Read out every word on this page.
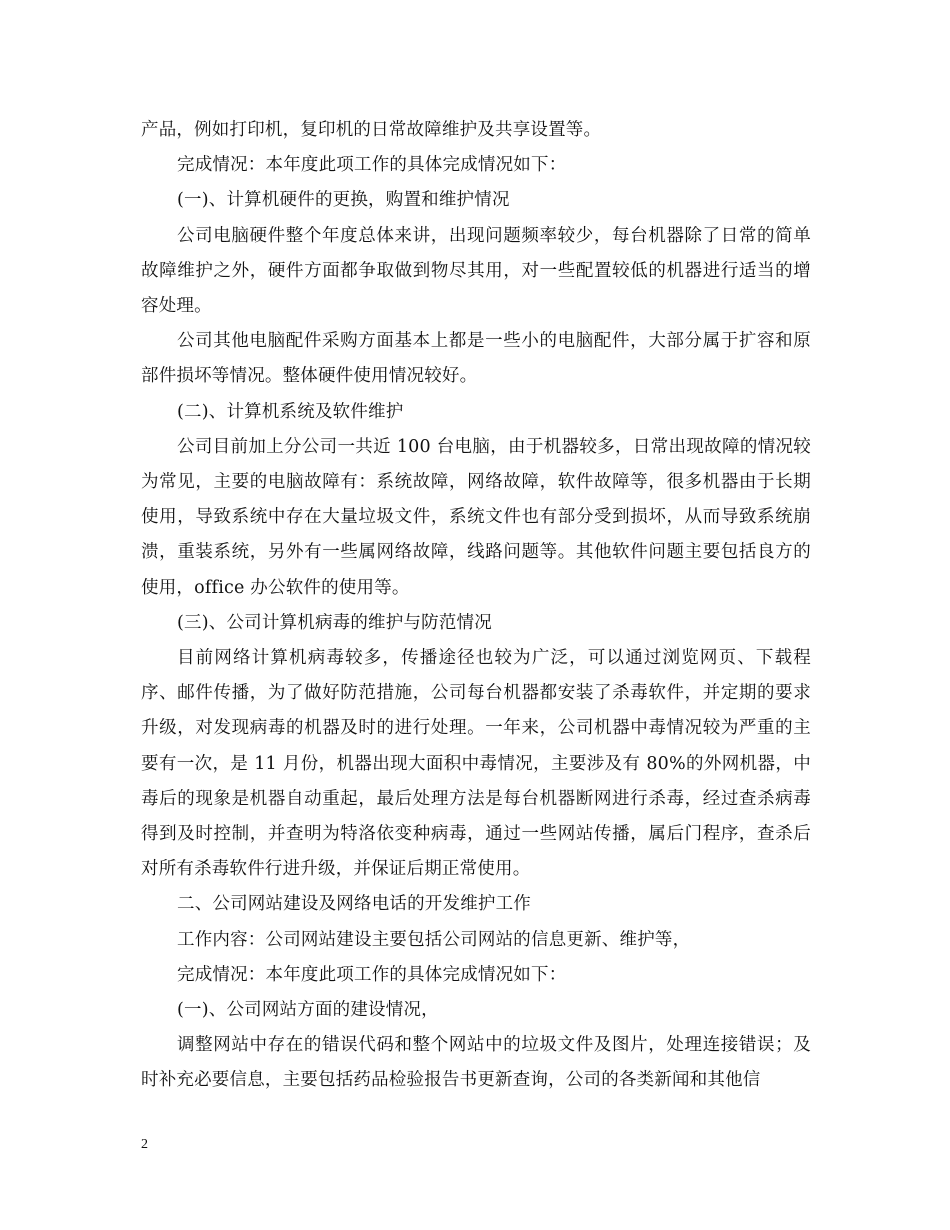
产品，例如打印机，复印机的日常故障维护及共享设置等。

完成情况：本年度此项工作的具体完成情况如下：

(一)、计算机硬件的更换，购置和维护情况

公司电脑硬件整个年度总体来讲，出现问题频率较少，每台机器除了日常的简单故障维护之外，硬件方面都争取做到物尽其用，对一些配置较低的机器进行适当的增容处理。

公司其他电脑配件采购方面基本上都是一些小的电脑配件，大部分属于扩容和原部件损坏等情况。整体硬件使用情况较好。

(二)、计算机系统及软件维护

公司目前加上分公司一共近 100 台电脑，由于机器较多，日常出现故障的情况较为常见，主要的电脑故障有：系统故障，网络故障，软件故障等，很多机器由于长期使用，导致系统中存在大量垃圾文件，系统文件也有部分受到损坏，从而导致系统崩溃，重装系统，另外有一些属网络故障，线路问题等。其他软件问题主要包括良方的使用，office 办公软件的使用等。

(三)、公司计算机病毒的维护与防范情况

目前网络计算机病毒较多，传播途径也较为广泛，可以通过浏览网页、下载程序、邮件传播，为了做好防范措施，公司每台机器都安装了杀毒软件，并定期的要求升级，对发现病毒的机器及时的进行处理。一年来，公司机器中毒情况较为严重的主要有一次，是 11 月份，机器出现大面积中毒情况，主要涉及有 80%的外网机器，中毒后的现象是机器自动重起，最后处理方法是每台机器断网进行杀毒，经过查杀病毒得到及时控制，并查明为特洛依变种病毒，通过一些网站传播，属后门程序，查杀后对所有杀毒软件行进升级，并保证后期正常使用。

二、公司网站建设及网络电话的开发维护工作

工作内容：公司网站建设主要包括公司网站的信息更新、维护等，

完成情况：本年度此项工作的具体完成情况如下：

(一)、公司网站方面的建设情况，

调整网站中存在的错误代码和整个网站中的垃圾文件及图片，处理连接错误；及时补充必要信息，主要包括药品检验报告书更新查询，公司的各类新闻和其他信

2
